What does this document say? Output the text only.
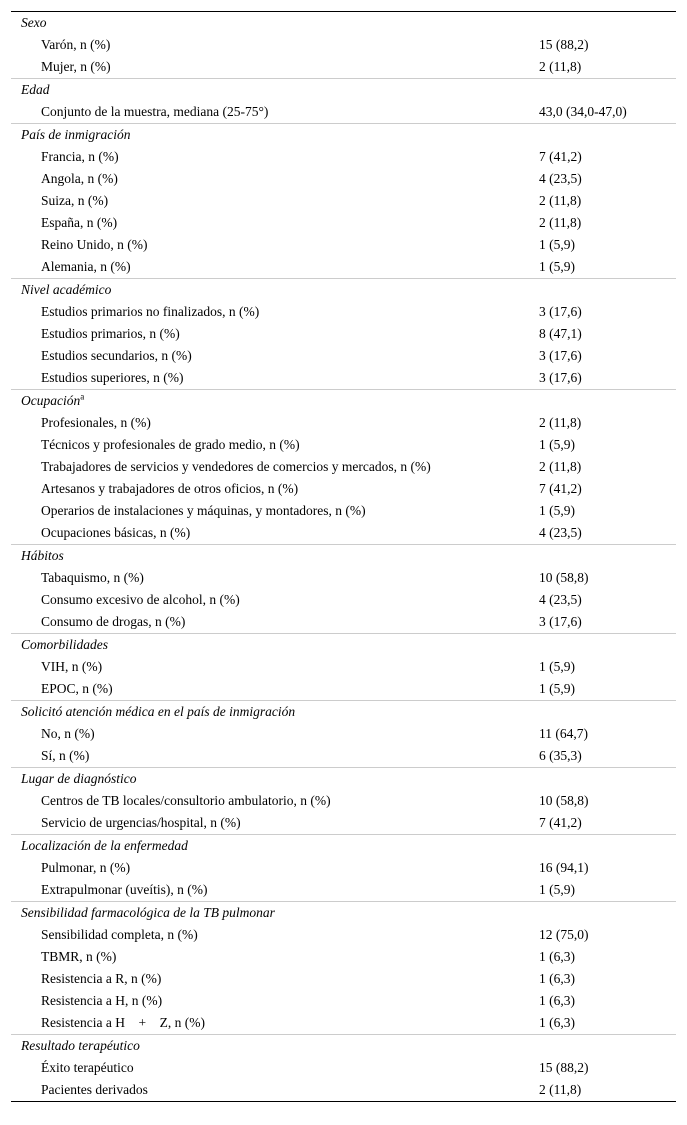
Sexo
Varón, n (%)	15 (88,2)
Mujer, n (%)	2 (11,8)
Edad
Conjunto de la muestra, mediana (25-75°)	43,0 (34,0-47,0)
País de inmigración
Francia, n (%)	7 (41,2)
Angola, n (%)	4 (23,5)
Suiza, n (%)	2 (11,8)
España, n (%)	2 (11,8)
Reino Unido, n (%)	1 (5,9)
Alemania, n (%)	1 (5,9)
Nivel académico
Estudios primarios no finalizados, n (%)	3 (17,6)
Estudios primarios, n (%)	8 (47,1)
Estudios secundarios, n (%)	3 (17,6)
Estudios superiores, n (%)	3 (17,6)
Ocupación$^a$
Profesionales, n (%)	2 (11,8)
Técnicos y profesionales de grado medio, n (%)	1 (5,9)
Trabajadores de servicios y vendedores de comercios y mercados, n (%)	2 (11,8)
Artesanos y trabajadores de otros oficios, n (%)	7 (41,2)
Operarios de instalaciones y máquinas, y montadores, n (%)	1 (5,9)
Ocupaciones básicas, n (%)	4 (23,5)
Hábitos
Tabaquismo, n (%)	10 (58,8)
Consumo excesivo de alcohol, n (%)	4 (23,5)
Consumo de drogas, n (%)	3 (17,6)
Comorbilidades
VIH, n (%)	1 (5,9)
EPOC, n (%)	1 (5,9)
Solicitó atención médica en el país de inmigración
No, n (%)	11 (64,7)
Sí, n (%)	6 (35,3)
Lugar de diagnóstico
Centros de TB locales/consultorio ambulatorio, n (%)	10 (58,8)
Servicio de urgencias/hospital, n (%)	7 (41,2)
Localización de la enfermedad
Pulmonar, n (%)	16 (94,1)
Extrapulmonar (uveítis), n (%)	1 (5,9)
Sensibilidad farmacológica de la TB pulmonar
Sensibilidad completa, n (%)	12 (75,0)
TBMR, n (%)	1 (6,3)
Resistencia a R, n (%)	1 (6,3)
Resistencia a H, n (%)	1 (6,3)
Resistencia a H + Z, n (%)	1 (6,3)
Resultado terapéutico
Éxito terapéutico	15 (88,2)
Pacientes derivados	2 (11,8)
